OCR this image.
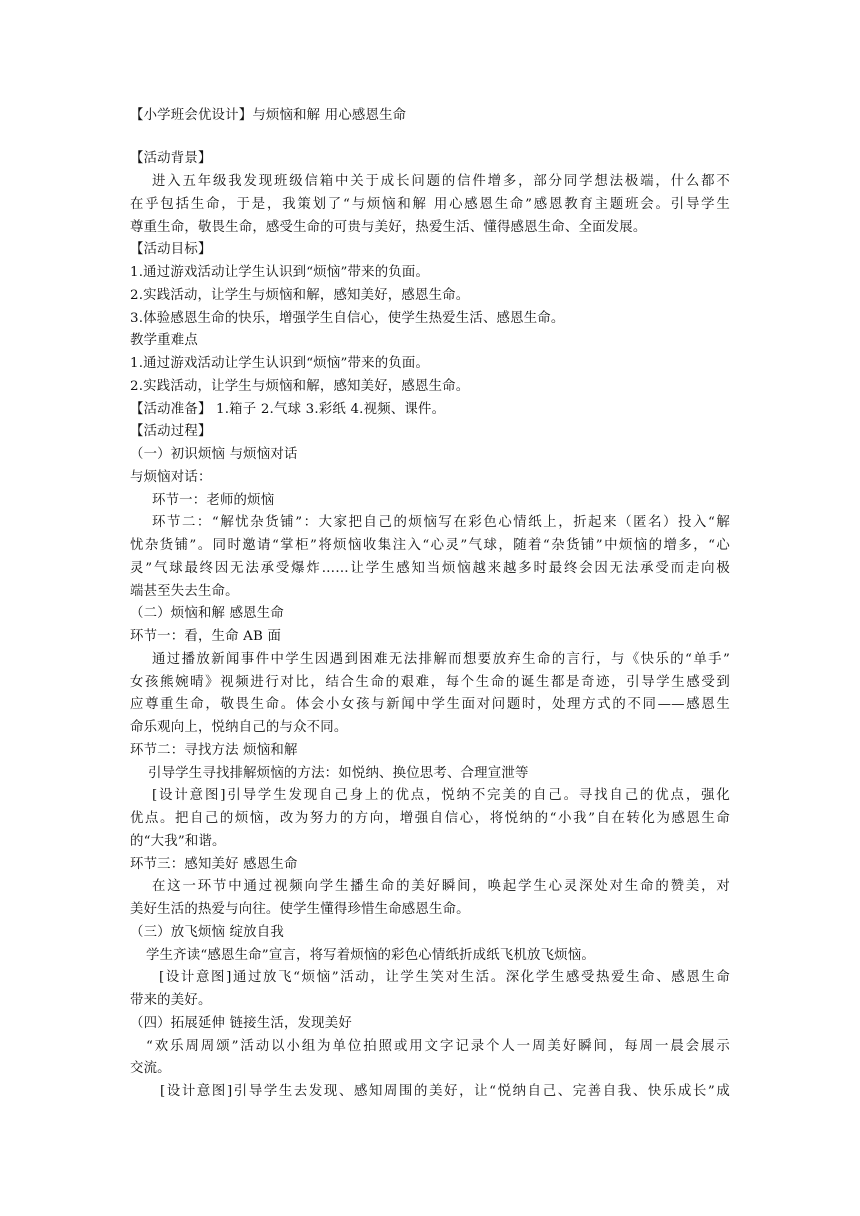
【小学班会优设计】与烦恼和解 用心感恩生命
【活动背景】
进入五年级我发现班级信箱中关于成长问题的信件增多，部分同学想法极端，什么都不
在乎包括生命，于是，我策划了“与烦恼和解 用心感恩生命”感恩教育主题班会。引导学生
尊重生命，敬畏生命，感受生命的可贵与美好，热爱生活、懂得感恩生命、全面发展。
【活动目标】
1.通过游戏活动让学生认识到“烦恼”带来的负面。
2.实践活动，让学生与烦恼和解，感知美好，感恩生命。
3.体验感恩生命的快乐，增强学生自信心，使学生热爱生活、感恩生命。
教学重难点
1.通过游戏活动让学生认识到“烦恼”带来的负面。
2.实践活动，让学生与烦恼和解，感知美好，感恩生命。
【活动准备】 1.箱子 2.气球 3.彩纸 4.视频、课件。
【活动过程】
（一）初识烦恼 与烦恼对话
与烦恼对话：
环节一：老师的烦恼
环节二：“解忧杂货铺”：大家把自己的烦恼写在彩色心情纸上，折起来（匿名）投入“解
忧杂货铺”。同时邀请“掌柜”将烦恼收集注入“心灵”气球，随着“杂货铺”中烦恼的增多，“心
灵”气球最终因无法承受爆炸……让学生感知当烦恼越来越多时最终会因无法承受而走向极
端甚至失去生命。
（二）烦恼和解 感恩生命
环节一：看，生命 AB 面
通过播放新闻事件中学生因遇到困难无法排解而想要放弃生命的言行，与《快乐的“单手”
女孩熊婉晴》视频进行对比，结合生命的艰难，每个生命的诞生都是奇迹，引导学生感受到
应尊重生命，敬畏生命。体会小女孩与新闻中学生面对问题时，处理方式的不同——感恩生
命乐观向上，悦纳自己的与众不同。
环节二：寻找方法 烦恼和解
引导学生寻找排解烦恼的方法：如悦纳、换位思考、合理宣泄等
[设计意图]引导学生发现自己身上的优点，悦纳不完美的自己。寻找自己的优点，强化
优点。把自己的烦恼，改为努力的方向，增强自信心，将悦纳的“小我”自在转化为感恩生命
的“大我”和谐。
环节三：感知美好 感恩生命
在这一环节中通过视频向学生播生命的美好瞬间，唤起学生心灵深处对生命的赞美，对
美好生活的热爱与向往。使学生懂得珍惜生命感恩生命。
（三）放飞烦恼 绽放自我
学生齐读“感恩生命”宣言，将写着烦恼的彩色心情纸折成纸飞机放飞烦恼。
[设计意图]通过放飞“烦恼”活动，让学生笑对生活。深化学生感受热爱生命、感恩生命
带来的美好。
（四）拓展延伸 链接生活，发现美好
“欢乐周周颂”活动以小组为单位拍照或用文字记录个人一周美好瞬间，每周一晨会展示
交流。
[设计意图]引导学生去发现、感知周围的美好，让“悦纳自己、完善自我、快乐成长”成
